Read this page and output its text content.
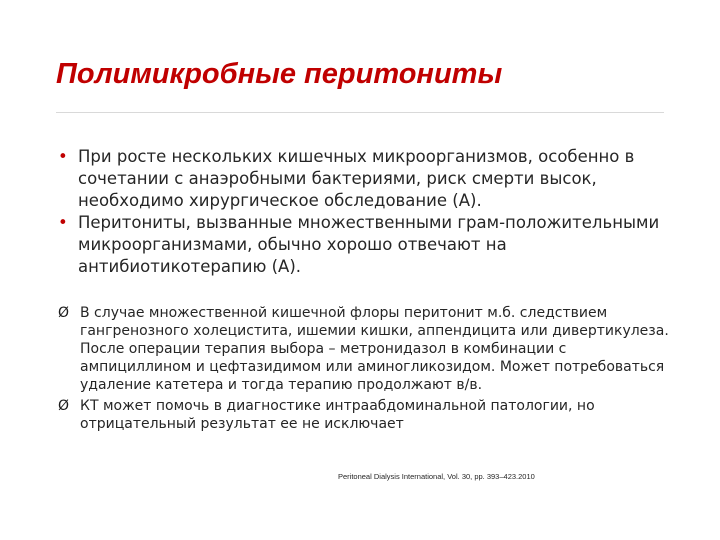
Полимикробные перитониты

• При росте нескольких кишечных микроорганизмов, особенно в сочетании с анаэробными бактериями, риск смерти высок, необходимо хирургическое обследование (А).

• Перитониты, вызванные множественными грам-положительными микроорганизмами, обычно хорошо отвечают на антибиотикотерапию (А).

Ø В случае множественной кишечной флоры перитонит м.б. следствием гангренозного холецистита, ишемии кишки, аппендицита или дивертикулеза. После операции терапия выбора – метронидазол в комбинации с ампициллином и цефтазидимом или аминогликозидом. Может потребоваться удаление катетера и тогда терапию продолжают в/в.
Ø КТ может помочь в диагностике интраабдоминальной патологии, но отрицательный результат ее не исключает
Peritoneal Dialysis International, Vol. 30, pp. 393–423.2010
